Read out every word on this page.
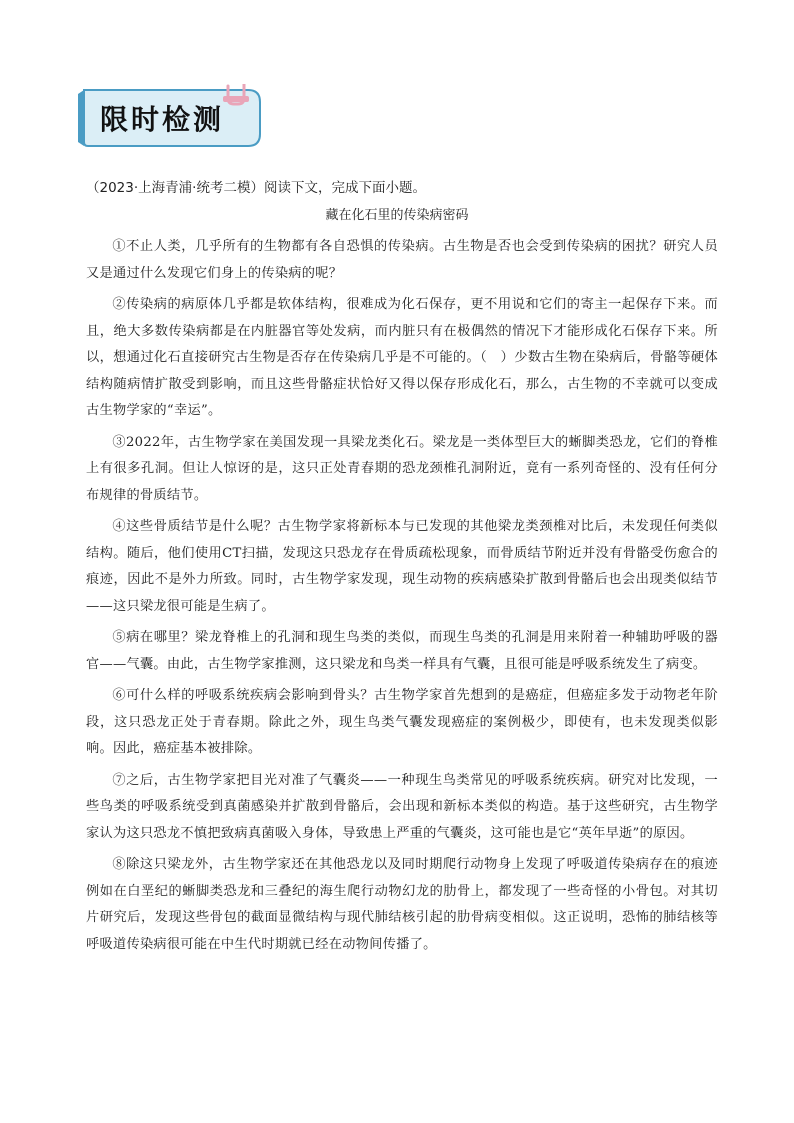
限时检测
（2023·上海青浦·统考二模）阅读下文，完成下面小题。
藏在化石里的传染病密码

①不止人类，几乎所有的生物都有各自恐惧的传染病。古生物是否也会受到传染病的困扰？研究人员又是通过什么发现它们身上的传染病的呢？

②传染病的病原体几乎都是软体结构，很难成为化石保存，更不用说和它们的寄主一起保存下来。而且，绝大多数传染病都是在内脏器官等处发病，而内脏只有在极偶然的情况下才能形成化石保存下来。所以，想通过化石直接研究古生物是否存在传染病几乎是不可能的。（　）少数古生物在染病后，骨骼等硬体结构随病情扩散受到影响，而且这些骨骼症状恰好又得以保存形成化石，那么，古生物的不幸就可以变成古生物学家的“幸运”。

③2022年，古生物学家在美国发现一具梁龙类化石。梁龙是一类体型巨大的蜥脚类恐龙，它们的脊椎上有很多孔洞。但让人惊讶的是，这只正处青春期的恐龙颈椎孔洞附近，竟有一系列奇怪的、没有任何分布规律的骨质结节。

④这些骨质结节是什么呢？古生物学家将新标本与已发现的其他梁龙类颈椎对比后，未发现任何类似结构。随后，他们使用CT扫描，发现这只恐龙存在骨质疏松现象，而骨质结节附近并没有骨骼受伤愈合的痕迹，因此不是外力所致。同时，古生物学家发现，现生动物的疾病感染扩散到骨骼后也会出现类似结节——这只梁龙很可能是生病了。

⑤病在哪里？梁龙脊椎上的孔洞和现生鸟类的类似，而现生鸟类的孔洞是用来附着一种辅助呼吸的器官——气囊。由此，古生物学家推测，这只梁龙和鸟类一样具有气囊，且很可能是呼吸系统发生了病变。

⑥可什么样的呼吸系统疾病会影响到骨头？古生物学家首先想到的是癌症，但癌症多发于动物老年阶段，这只恐龙正处于青春期。除此之外，现生鸟类气囊发现癌症的案例极少，即使有，也未发现类似影响。因此，癌症基本被排除。

⑦之后，古生物学家把目光对准了气囊炎——一种现生鸟类常见的呼吸系统疾病。研究对比发现，一些鸟类的呼吸系统受到真菌感染并扩散到骨骼后，会出现和新标本类似的构造。基于这些研究，古生物学家认为这只恐龙不慎把致病真菌吸入身体，导致患上严重的气囊炎，这可能也是它“英年早逝”的原因。

⑧除这只梁龙外，古生物学家还在其他恐龙以及同时期爬行动物身上发现了呼吸道传染病存在的痕迹例如在白垩纪的蜥脚类恐龙和三叠纪的海生爬行动物幻龙的肋骨上，都发现了一些奇怪的小骨包。对其切片研究后，发现这些骨包的截面显微结构与现代肺结核引起的肋骨病变相似。这正说明，恐怖的肺结核等呼吸道传染病很可能在中生代时期就已经在动物间传播了。
